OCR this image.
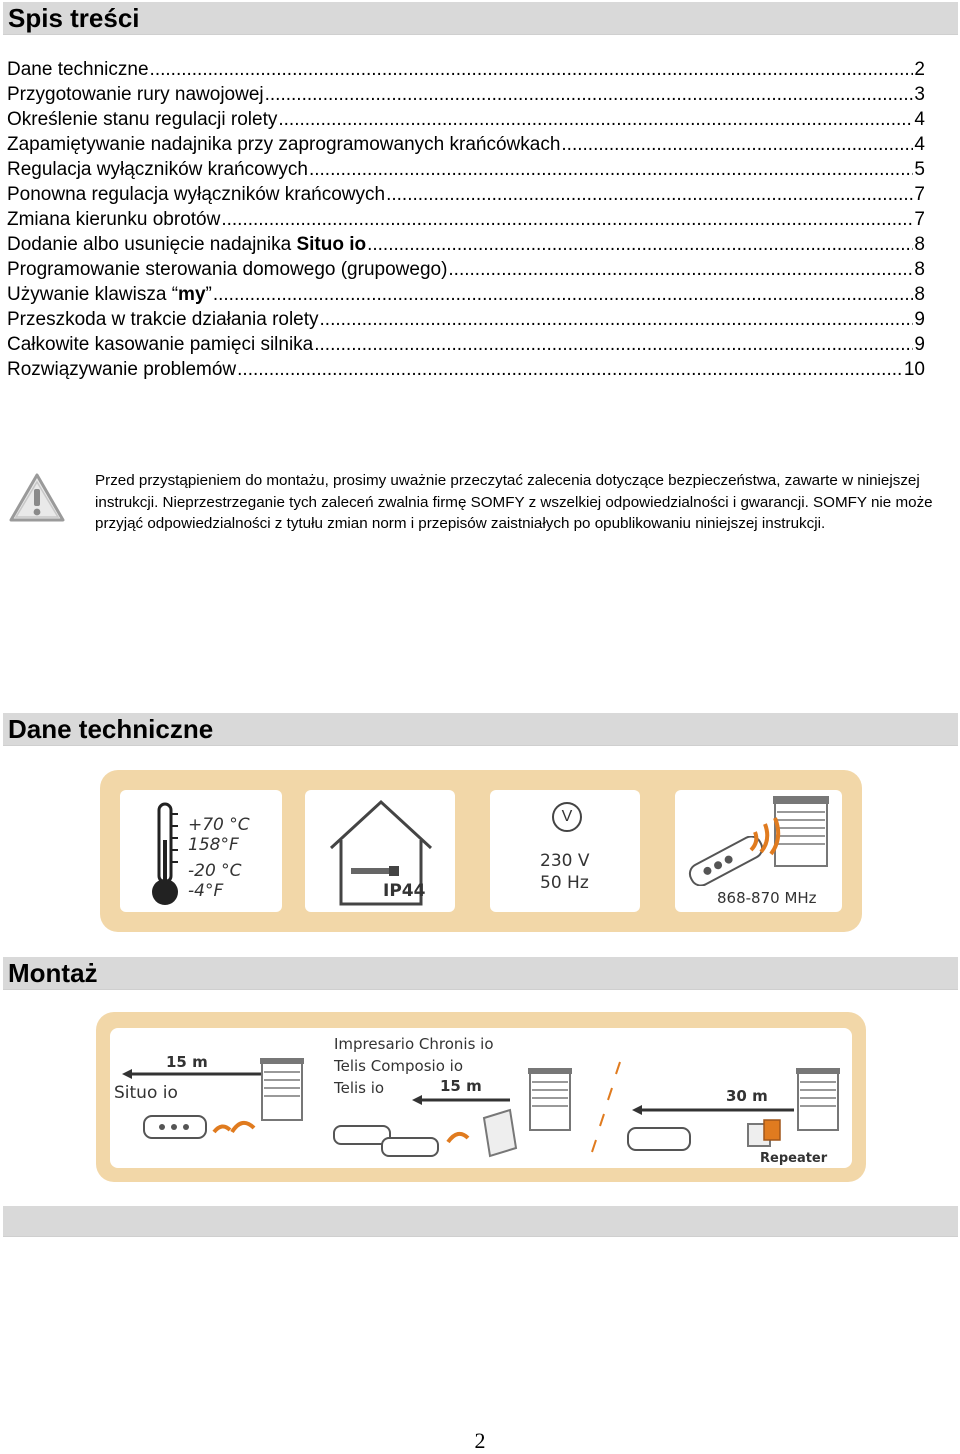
Spis treści
Dane techniczne .....	2
Przygotowanie rury nawojowej .....	3
Określenie stanu regulacji rolety .....	4
Zapamiętywanie nadajnika przy zaprogramowanych krańcówkach .....	4
Regulacja wyłączników krańcowych .....	5
Ponowna regulacja wyłączników krańcowych .....	7
Zmiana kierunku obrotów .....	7
Dodanie albo usunięcie nadajnika Situo io .....	8
Programowanie sterowania domowego (grupowego) .....	8
Używanie klawisza “my” .....	8
Przeszkoda w trakcie działania rolety .....	9
Całkowite kasowanie pamięci silnika .....	9
Rozwiązywanie problemów .....	10
Przed przystąpieniem do montażu, prosimy uważnie przeczytać zalecenia dotyczące bezpieczeństwa, zawarte w niniejszej instrukcji. Nieprzestrzeganie tych zaleceń zwalnia firmę SOMFY z wszelkiej odpowiedzialności i gwarancji. SOMFY nie może przyjąć odpowiedzialności z tytułu zmian norm i przepisów zaistniałych po opublikowaniu niniejszej instrukcji.
Dane techniczne
+70 °C
158°F
-20 °C
-4°F	IP44
V
230 V
50 Hz
868-870 MHz
Montaż
Situo io
15 m
Impresario Chronis io
Telis Composio io
Telis io	15 m
30 m
Repeater
2
